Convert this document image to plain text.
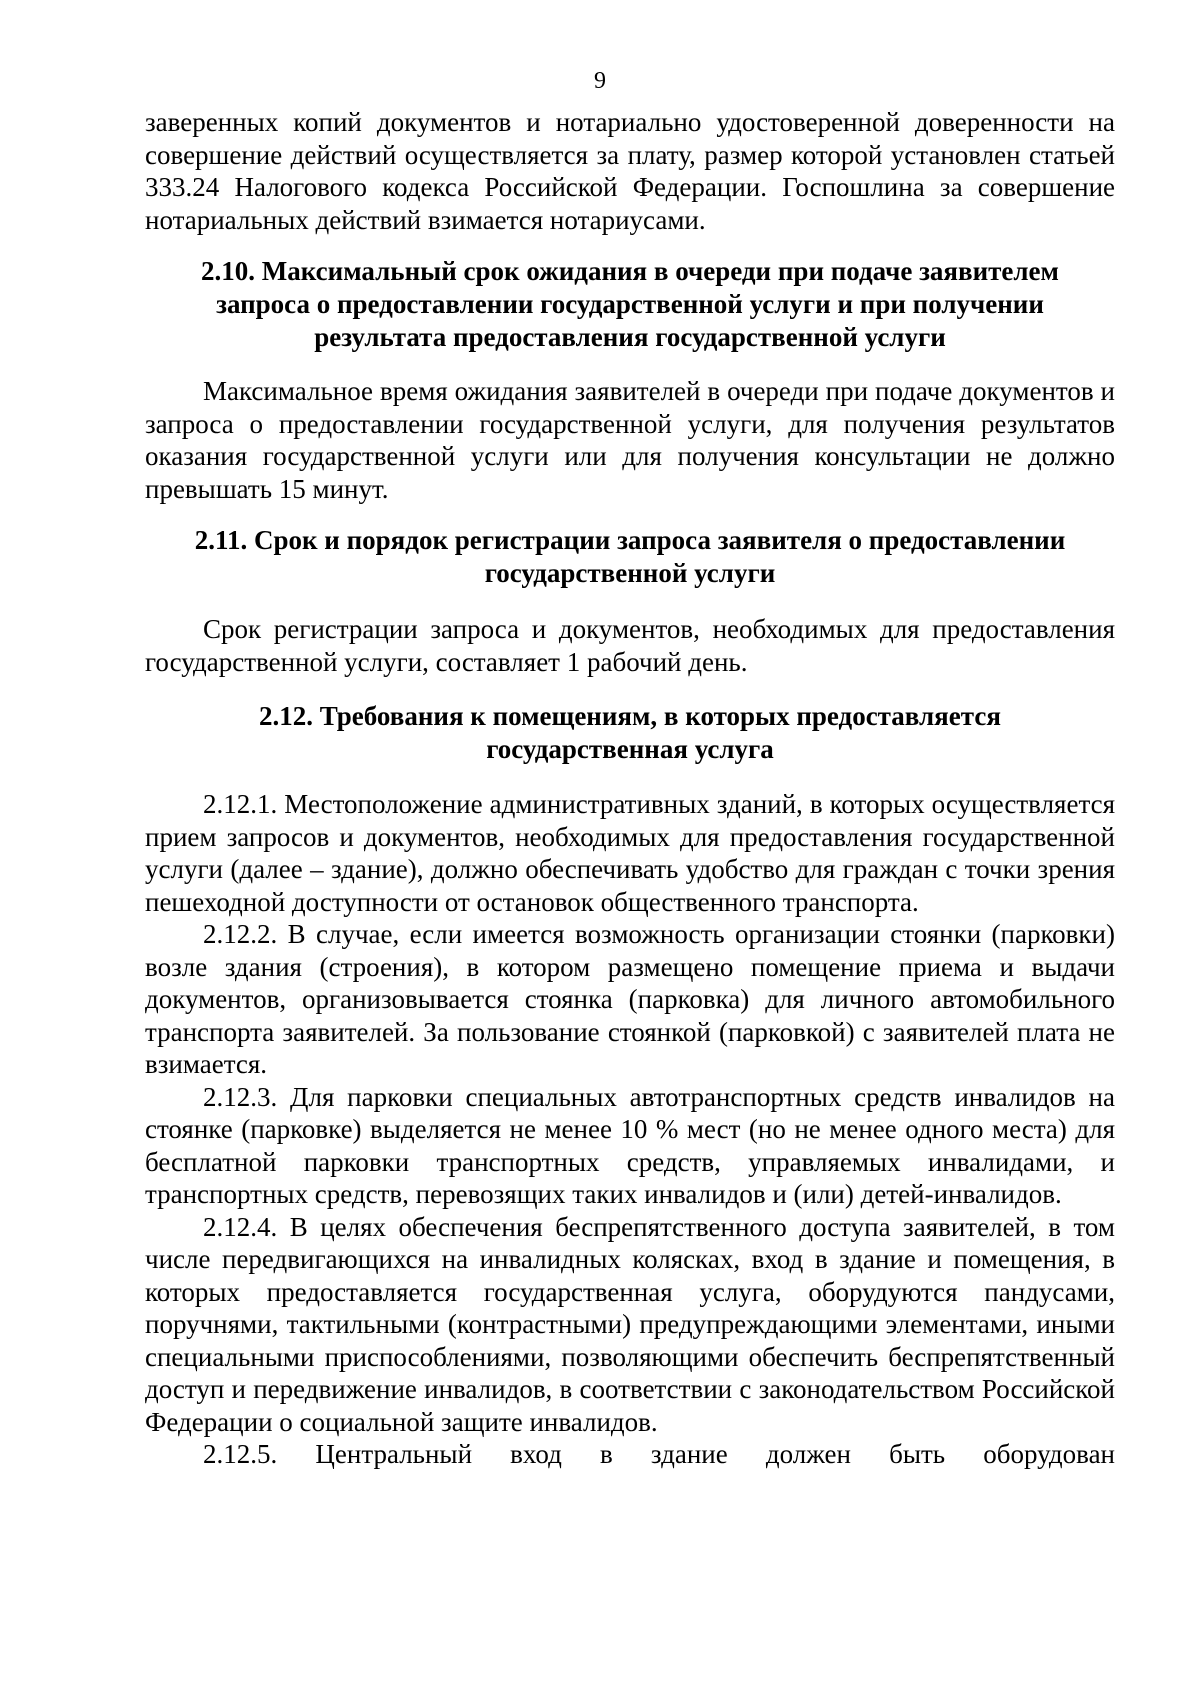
9

заверенных копий документов и нотариально удостоверенной доверенности на совершение действий осуществляется за плату, размер которой установлен статьей 333.24 Налогового кодекса Российской Федерации. Госпошлина за совершение нотариальных действий взимается нотариусами.

2.10. Максимальный срок ожидания в очереди при подаче заявителем
запроса о предоставлении государственной услуги и при получении
результата предоставления государственной услуги

Максимальное время ожидания заявителей в очереди при подаче документов и запроса о предоставлении государственной услуги, для получения результатов оказания государственной услуги или для получения консультации не должно превышать 15 минут.

2.11. Срок и порядок регистрации запроса заявителя о предоставлении
государственной услуги

Срок регистрации запроса и документов, необходимых для предоставления государственной услуги, составляет 1 рабочий день.

2.12. Требования к помещениям, в которых предоставляется
государственная услуга

2.12.1. Местоположение административных зданий, в которых осуществляется прием запросов и документов, необходимых для предоставления государственной услуги (далее – здание), должно обеспечивать удобство для граждан с точки зрения пешеходной доступности от остановок общественного транспорта.

2.12.2. В случае, если имеется возможность организации стоянки (парковки) возле здания (строения), в котором размещено помещение приема и выдачи документов, организовывается стоянка (парковка) для личного автомобильного транспорта заявителей. За пользование стоянкой (парковкой) с заявителей плата не взимается.

2.12.3. Для парковки специальных автотранспортных средств инвалидов на стоянке (парковке) выделяется не менее 10 % мест (но не менее одного места) для бесплатной парковки транспортных средств, управляемых инвалидами, и транспортных средств, перевозящих таких инвалидов и (или) детей-инвалидов.

2.12.4. В целях обеспечения беспрепятственного доступа заявителей, в том числе передвигающихся на инвалидных колясках, вход в здание и помещения, в которых предоставляется государственная услуга, оборудуются пандусами, поручнями, тактильными (контрастными) предупреждающими элементами, иными специальными приспособлениями, позволяющими обеспечить беспрепятственный доступ и передвижение инвалидов, в соответствии с законодательством Российской Федерации о социальной защите инвалидов.

2.12.5. Центральный вход в здание должен быть оборудован
